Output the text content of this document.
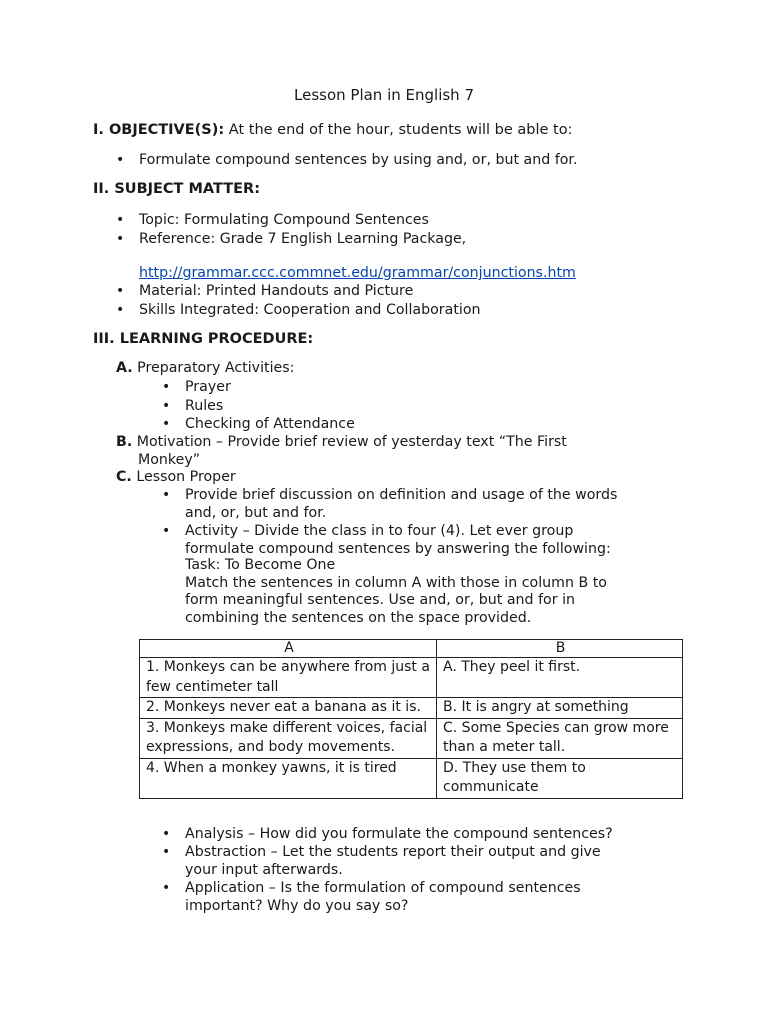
Lesson Plan in English 7
I. OBJECTIVE(S): At the end of the hour, students will be able to:
• Formulate compound sentences by using and, or, but and for.
II. SUBJECT MATTER:
• Topic: Formulating Compound Sentences
• Reference: Grade 7 English Learning Package,
http://grammar.ccc.commnet.edu/grammar/conjunctions.htm
• Material: Printed Handouts and Picture
• Skills Integrated: Cooperation and Collaboration
III. LEARNING PROCEDURE:
A. Preparatory Activities:
• Prayer
• Rules
• Checking of Attendance
B. Motivation – Provide brief review of yesterday text “The First
Monkey”
C. Lesson Proper
• Provide brief discussion on definition and usage of the words
and, or, but and for.
• Activity – Divide the class in to four (4). Let ever group
formulate compound sentences by answering the following:
Task: To Become One
Match the sentences in column A with those in column B to
form meaningful sentences. Use and, or, but and for in
combining the sentences on the space provided.
A	B
1. Monkeys can be anywhere from just a few centimeter tall	A. They peel it first.
2. Monkeys never eat a banana as it is.	B. It is angry at something
3. Monkeys make different voices, facial expressions, and body movements.	C. Some Species can grow more than a meter tall.
4. When a monkey yawns, it is tired	D. They use them to communicate
• Analysis – How did you formulate the compound sentences?
• Abstraction – Let the students report their output and give
your input afterwards.
• Application – Is the formulation of compound sentences
important? Why do you say so?
